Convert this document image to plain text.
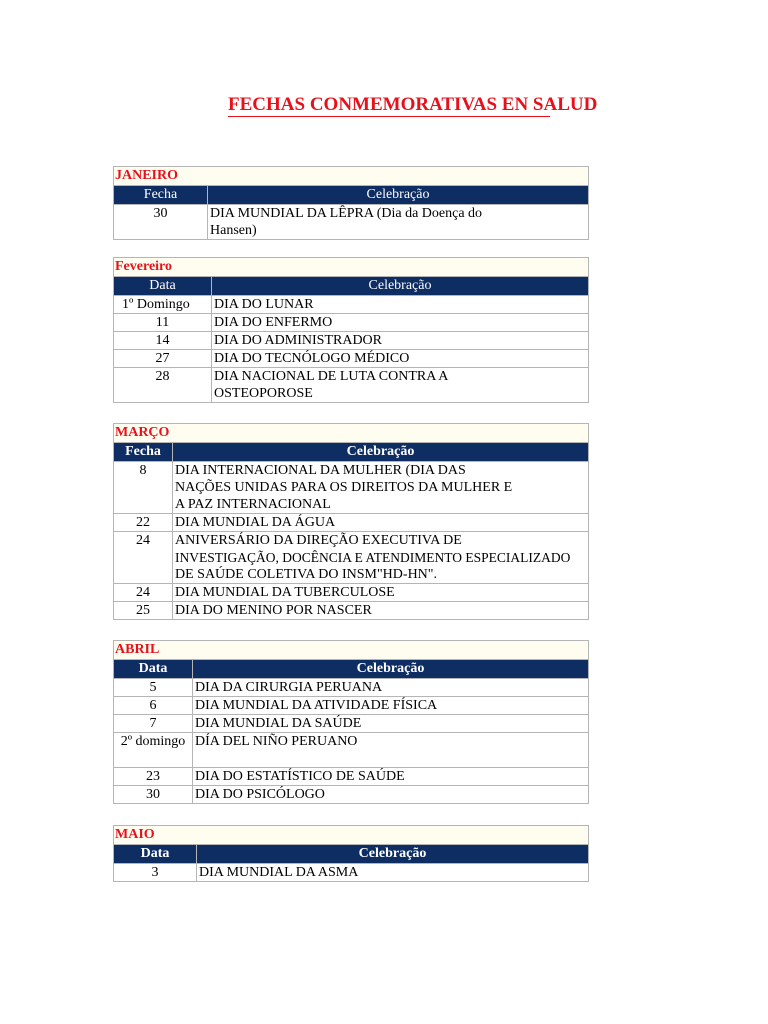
FECHAS CONMEMORATIVAS EN SALUD
JANEIRO	
Fecha	Celebração
30	DIA MUNDIAL DA LÊPRA (Dia da Doença do
Hansen)
Fevereiro	
Data	Celebração
1º Domingo	DIA DO LUNAR

11	DIA DO ENFERMO

14	DIA DO ADMINISTRADOR

27	DIA DO TECNÓLOGO MÉDICO

28	DIA NACIONAL DE LUTA CONTRA A
OSTEOPOROSE
MARÇO	
Fecha	Celebração
8	DIA INTERNACIONAL DA MULHER (DIA DAS
NAÇÕES UNIDAS PARA OS DIREITOS DA MULHER E
A PAZ INTERNACIONAL

22	DIA MUNDIAL DA ÁGUA

24	ANIVERSÁRIO DA DIREÇÃO EXECUTIVA DE
INVESTIGAÇÃO, DOCÊNCIA E ATENDIMENTO ESPECIALIZADO
DE SAÚDE COLETIVA DO INSM"HD-HN".

24	DIA MUNDIAL DA TUBERCULOSE

25	DIA DO MENINO POR NASCER
ABRIL	
Data	Celebração
5	DIA DA CIRURGIA PERUANA

6	DIA MUNDIAL DA ATIVIDADE FÍSICA

7	DIA MUNDIAL DA SAÚDE

2º domingo	DÍA DEL NIÑO PERUANO

23	DIA DO ESTATÍSTICO DE SAÚDE

30	DIA DO PSICÓLOGO
MAIO	
Data	Celebração
3	DIA MUNDIAL DA ASMA
